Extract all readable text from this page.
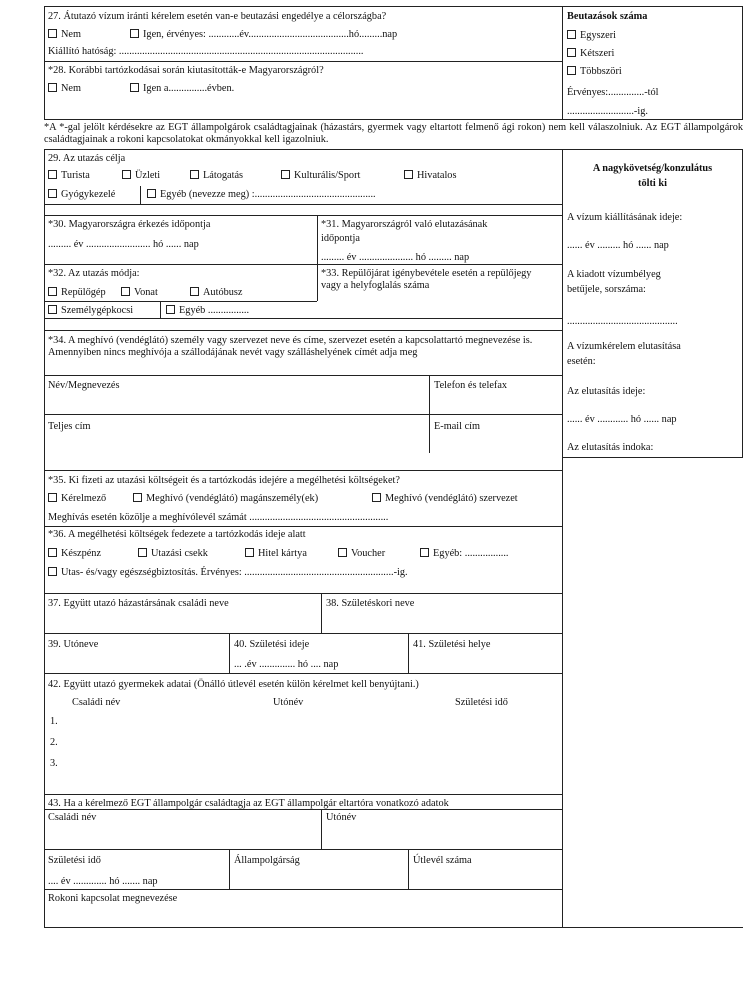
27. Átutazó vízum iránti kérelem esetén van-e beutazási engedélye a célországba?
Nem	Igen, érvényes: ............év.......................................hó.........nap
Kiállító hatóság: ...............................................................................................
*28. Korábbi tartózkodásai során kiutasították-e Magyarországról?
Nem	Igen a...............évben.
Beutazások száma
Egyszeri
Kétszeri
Többszöri
Érvényes:..............-tól
..........................-ig.
*A *-gal jelölt kérdésekre az EGT állampolgárok családtagjainak (házastárs, gyermek vagy eltartott felmenő ági rokon) nem kell válaszolniuk. Az EGT állampolgárok családtagjainak a rokoni kapcsolatokat okmányokkal kell igazolniuk.
29. Az utazás célja
Turista	Üzleti	Látogatás	Kulturális/Sport	Hivatalos
Gyógykezelé	Egyéb (nevezze meg) :...............................................
*30. Magyarországra érkezés időpontja
......... év ......................... hó ...... nap
*31. Magyarországról való elutazásának
időpontja
......... év ..................... hó ......... nap
*32. Az utazás módja:
Repülőgép	Vonat	Autóbusz
Személygépkocsi	Egyéb ................
*33. Repülőjárat igénybevétele esetén a repülőjegy vagy a helyfoglalás száma
*34. A meghívó (vendéglátó) személy vagy szervezet neve és címe, szervezet esetén a kapcsolattartó megnevezése is. Amennyiben nincs meghívója a szállodájának nevét vagy szálláshelyének címét adja meg
Név/Megnevezés	Telefon és telefax
Teljes cím	E-mail cím
*35. Ki fizeti az utazási költségeit és a tartózkodás idejére a megélhetési költségeket?
Kérelmező	Meghívó (vendéglátó) magánszemély(ek)	Meghívó (vendéglátó) szervezet
Meghívás esetén közölje a meghívólevél számát ......................................................
*36. A megélhetési költségek fedezete a tartózkodás ideje alatt
Készpénz	Utazási csekk	Hitel kártya	Voucher	Egyéb: .................
Utas- és/vagy egészségbiztosítás. Érvényes: ..........................................................-ig.
37. Együtt utazó házastársának családi neve	38. Születéskori neve
39. Utóneve	40. Születési ideje
... .év .............. hó .... nap
41. Születési helye
42. Együtt utazó gyermekek adatai (Önálló útlevél esetén külön kérelmet kell benyújtani.)
Családi név	Utónév	Születési idő
1.
2.
3.
43. Ha a kérelmező EGT állampolgár családtagja az EGT állampolgár eltartóra vonatkozó adatok
Családi név	Utónév
Születési idő
.... év ............. hó ....... nap
Állampolgárság	Útlevél száma
Rokoni kapcsolat megnevezése
A nagykövetség/konzulátus
tölti ki
A vízum kiállításának ideje:
...... év ......... hó ...... nap
A kiadott vízumbélyeg
betűjele, sorszáma:
...........................................
A vízumkérelem elutasítása
esetén:
Az elutasítás ideje:
...... év ............ hó ...... nap
Az elutasítás indoka:
